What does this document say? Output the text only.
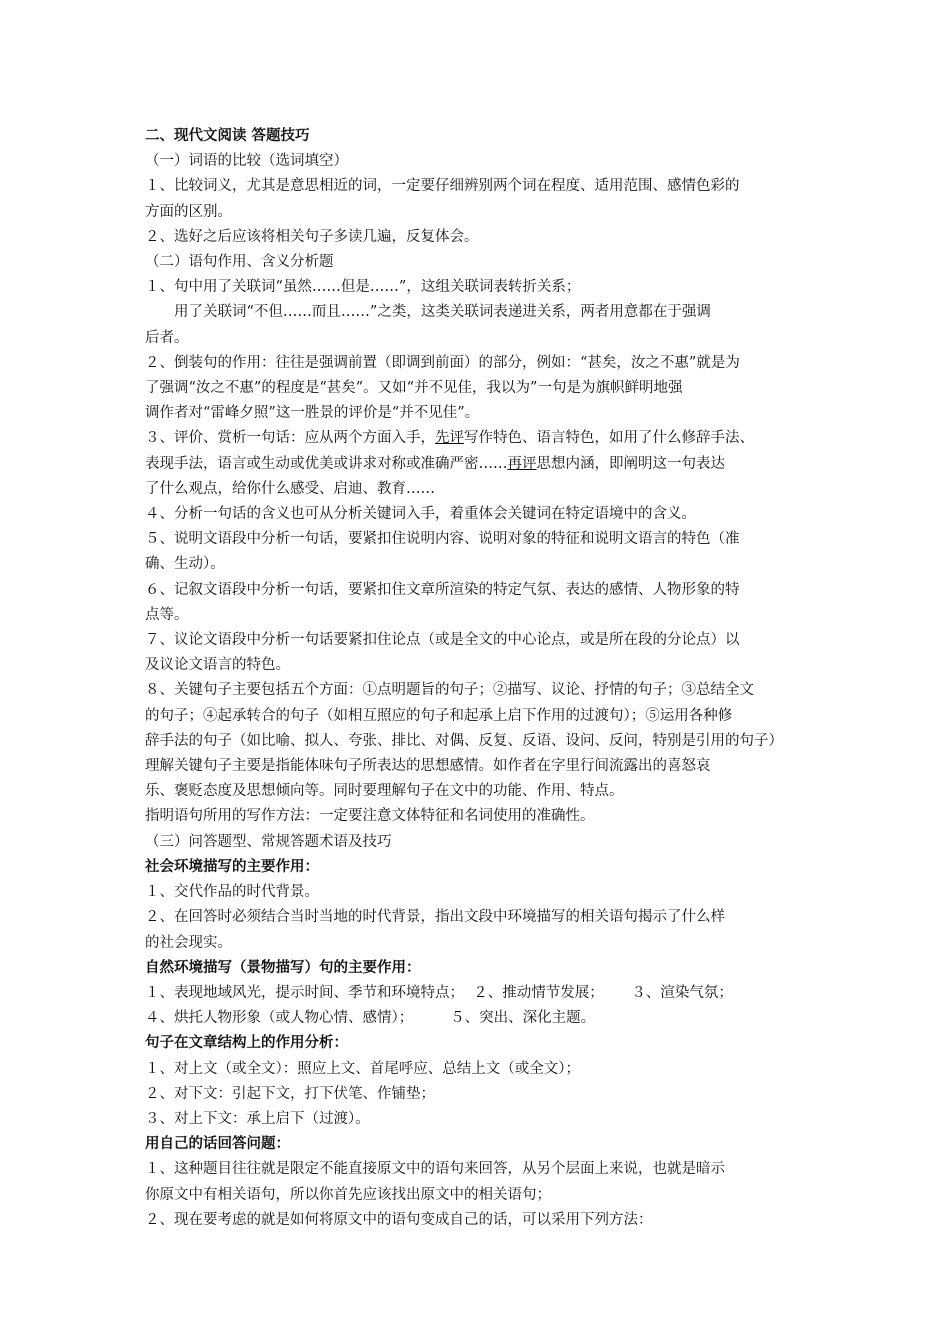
二、现代文阅读 答题技巧
（一）词语的比较（选词填空）
１、比较词义，尤其是意思相近的词，一定要仔细辨别两个词在程度、适用范围、感情色彩的
方面的区别。
２、选好之后应该将相关句子多读几遍，反复体会。
（二）语句作用、含义分析题
１、句中用了关联词“虽然……但是……”，这组关联词表转折关系；
用了关联词“不但……而且……”之类，这类关联词表递进关系，两者用意都在于强调
后者。
２、倒装句的作用：往往是强调前置（即调到前面）的部分，例如：“甚矣，汝之不惠”就是为
了强调“汝之不惠”的程度是“甚矣”。又如“并不见佳，我以为”一句是为旗帜鲜明地强
调作者对“雷峰夕照”这一胜景的评价是“并不见佳”。
３、评价、赏析一句话：应从两个方面入手，先评写作特色、语言特色，如用了什么修辞手法、
表现手法，语言或生动或优美或讲求对称或准确严密……再评思想内涵，即阐明这一句表达
了什么观点，给你什么感受、启迪、教育……
４、分析一句话的含义也可从分析关键词入手，着重体会关键词在特定语境中的含义。
５、说明文语段中分析一句话，要紧扣住说明内容、说明对象的特征和说明文语言的特色（准
确、生动）。
６、记叙文语段中分析一句话，要紧扣住文章所渲染的特定气氛、表达的感情、人物形象的特
点等。
７、议论文语段中分析一句话要紧扣住论点（或是全文的中心论点，或是所在段的分论点）以
及议论文语言的特色。
８、关键句子主要包括五个方面：①点明题旨的句子；②描写、议论、抒情的句子；③总结全文
的句子；④起承转合的句子（如相互照应的句子和起承上启下作用的过渡句）；⑤运用各种修
辞手法的句子（如比喻、拟人、夸张、排比、对偶、反复、反语、设问、反问，特别是引用的句子）
理解关键句子主要是指能体味句子所表达的思想感情。如作者在字里行间流露出的喜怒哀
乐、褒贬态度及思想倾向等。同时要理解句子在文中的功能、作用、特点。
指明语句所用的写作方法：一定要注意文体特征和名词使用的准确性。
（三）问答题型、常规答题术语及技巧
社会环境描写的主要作用：
１、交代作品的时代背景。
２、在回答时必须结合当时当地的时代背景，指出文段中环境描写的相关语句揭示了什么样
的社会现实。
自然环境描写（景物描写）句的主要作用：
１、表现地域风光，提示时间、季节和环境特点；  ２、推动情节发展；      ３、渲染气氛；
４、烘托人物形象（或人物心情、感情）；        ５、突出、深化主题。
句子在文章结构上的作用分析：
１、对上文（或全文）：照应上文、首尾呼应、总结上文（或全文）；
２、对下文：引起下文，打下伏笔、作铺垫；
３、对上下文：承上启下（过渡）。
用自己的话回答问题：
１、这种题目往往就是限定不能直接原文中的语句来回答，从另个层面上来说，也就是暗示
你原文中有相关语句，所以你首先应该找出原文中的相关语句；
２、现在要考虑的就是如何将原文中的语句变成自己的话，可以采用下列方法：
